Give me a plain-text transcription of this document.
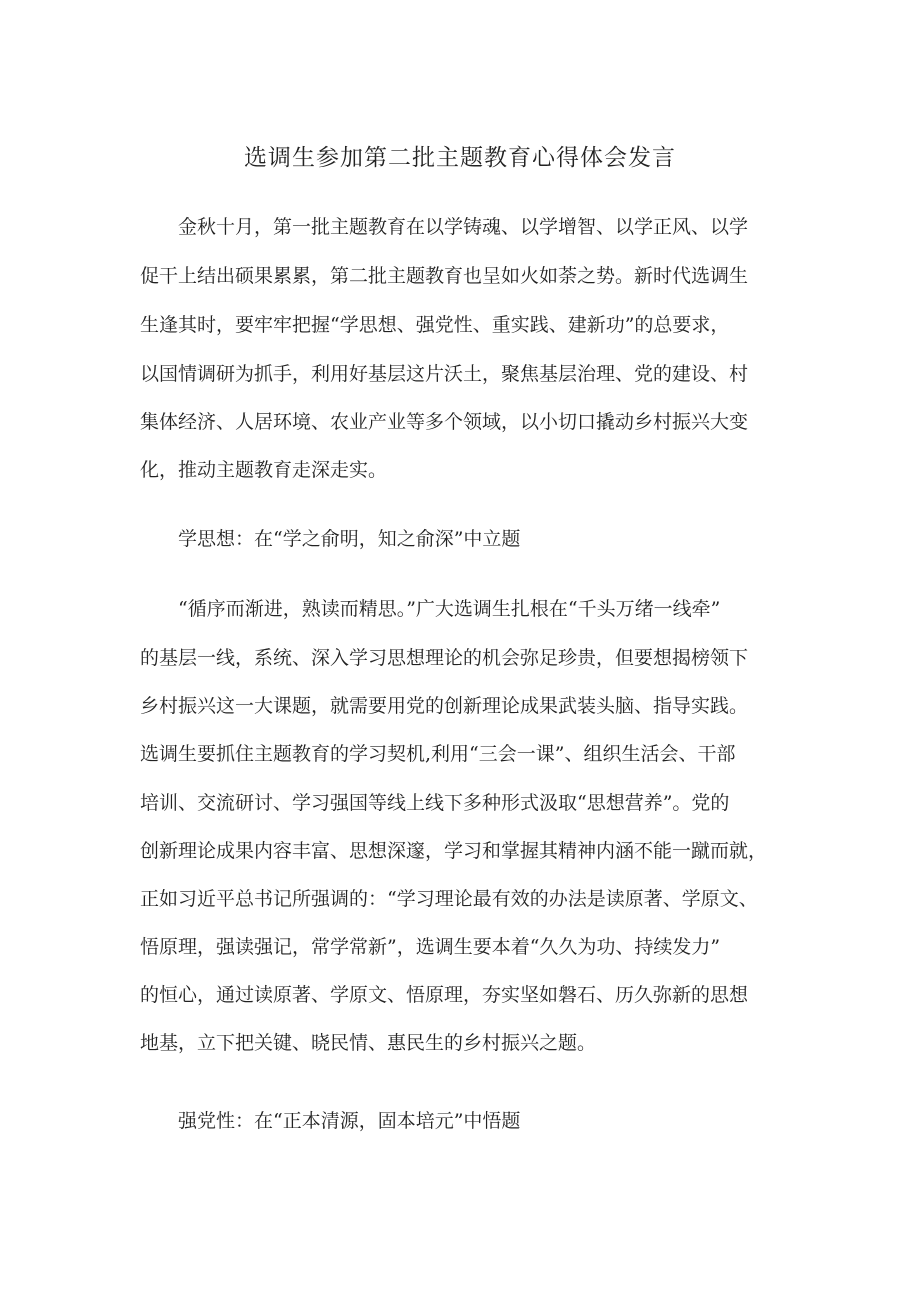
选调生参加第二批主题教育心得体会发言
金秋十月，第一批主题教育在以学铸魂、以学增智、以学正风、以学
促干上结出硕果累累，第二批主题教育也呈如火如荼之势。新时代选调生
生逢其时，要牢牢把握“学思想、强党性、重实践、建新功”的总要求，
以国情调研为抓手，利用好基层这片沃土，聚焦基层治理、党的建设、村
集体经济、人居环境、农业产业等多个领域，以小切口撬动乡村振兴大变
化，推动主题教育走深走实。
学思想：在“学之俞明，知之俞深”中立题
“循序而渐进，熟读而精思。”广大选调生扎根在“千头万绪一线牵”
的基层一线，系统、深入学习思想理论的机会弥足珍贵，但要想揭榜领下
乡村振兴这一大课题，就需要用党的创新理论成果武装头脑、指导实践。
选调生要抓住主题教育的学习契机,利用“三会一课”、组织生活会、干部
培训、交流研讨、学习强国等线上线下多种形式汲取“思想营养”。党的
创新理论成果内容丰富、思想深邃，学习和掌握其精神内涵不能一蹴而就，
正如习近平总书记所强调的：“学习理论最有效的办法是读原著、学原文、
悟原理，强读强记，常学常新”，选调生要本着“久久为功、持续发力”
的恒心，通过读原著、学原文、悟原理，夯实坚如磐石、历久弥新的思想
地基，立下把关键、晓民情、惠民生的乡村振兴之题。
强党性：在“正本清源，固本培元”中悟题
